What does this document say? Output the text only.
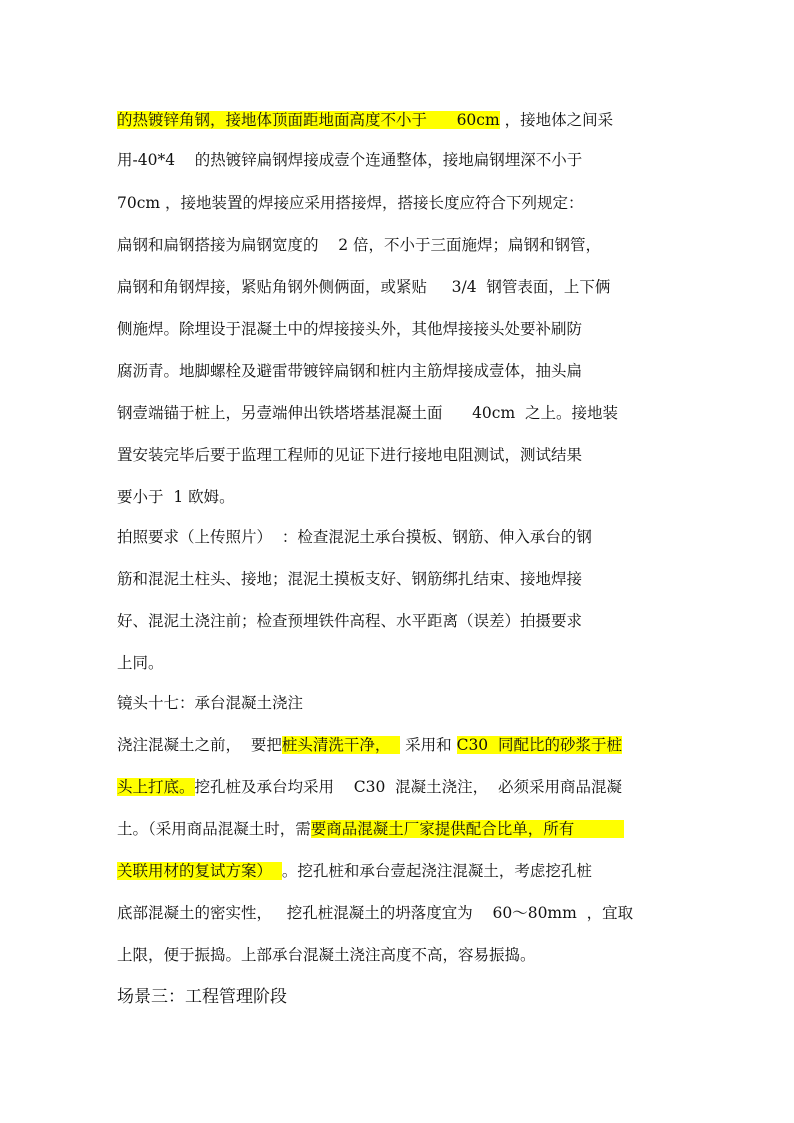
的热镀锌角钢，接地体顶面距地面高度不小于      60cm ，接地体之间采
用-40*4    的热镀锌扁钢焊接成壹个连通整体，接地扁钢埋深不小于
70cm ，接地装置的焊接应采用搭接焊，搭接长度应符合下列规定：
扁钢和扁钢搭接为扁钢宽度的    2 倍，不小于三面施焊；扁钢和钢管，
扁钢和角钢焊接，紧贴角钢外侧俩面，或紧贴     3/4  钢管表面，上下俩
侧施焊。除埋设于混凝土中的焊接接头外，其他焊接接头处要补刷防
腐沥青。地脚螺栓及避雷带镀锌扁钢和桩内主筋焊接成壹体，抽头扁
钢壹端锚于桩上，另壹端伸出铁塔塔基混凝土面      40cm  之上。接地装
置安装完毕后要于监理工程师的见证下进行接地电阻测试，测试结果
要小于  1 欧姆。
拍照要求（上传照片）  ：检查混泥土承台摸板、钢筋、伸入承台的钢
筋和混泥土柱头、接地；混泥土摸板支好、钢筋绑扎结束、接地焊接
好、混泥土浇注前；检查预埋铁件高程、水平距离（误差）拍摄要求
上同。
镜头十七：承台混凝土浇注
浇注混凝土之前，  要把桩头清洗干净，   采用和 C30  同配比的砂浆于桩
头上打底。挖孔桩及承台均采用    C30  混凝土浇注，  必须采用商品混凝
土。（采用商品混凝土时，需要商品混凝土厂家提供配合比单，所有
关联用材的复试方案）  。挖孔桩和承台壹起浇注混凝土，考虑挖孔桩
底部混凝土的密实性，   挖孔桩混凝土的坍落度宜为    60～80mm  ，宜取
上限，便于振捣。上部承台混凝土浇注高度不高，容易振捣。
场景三：工程管理阶段
